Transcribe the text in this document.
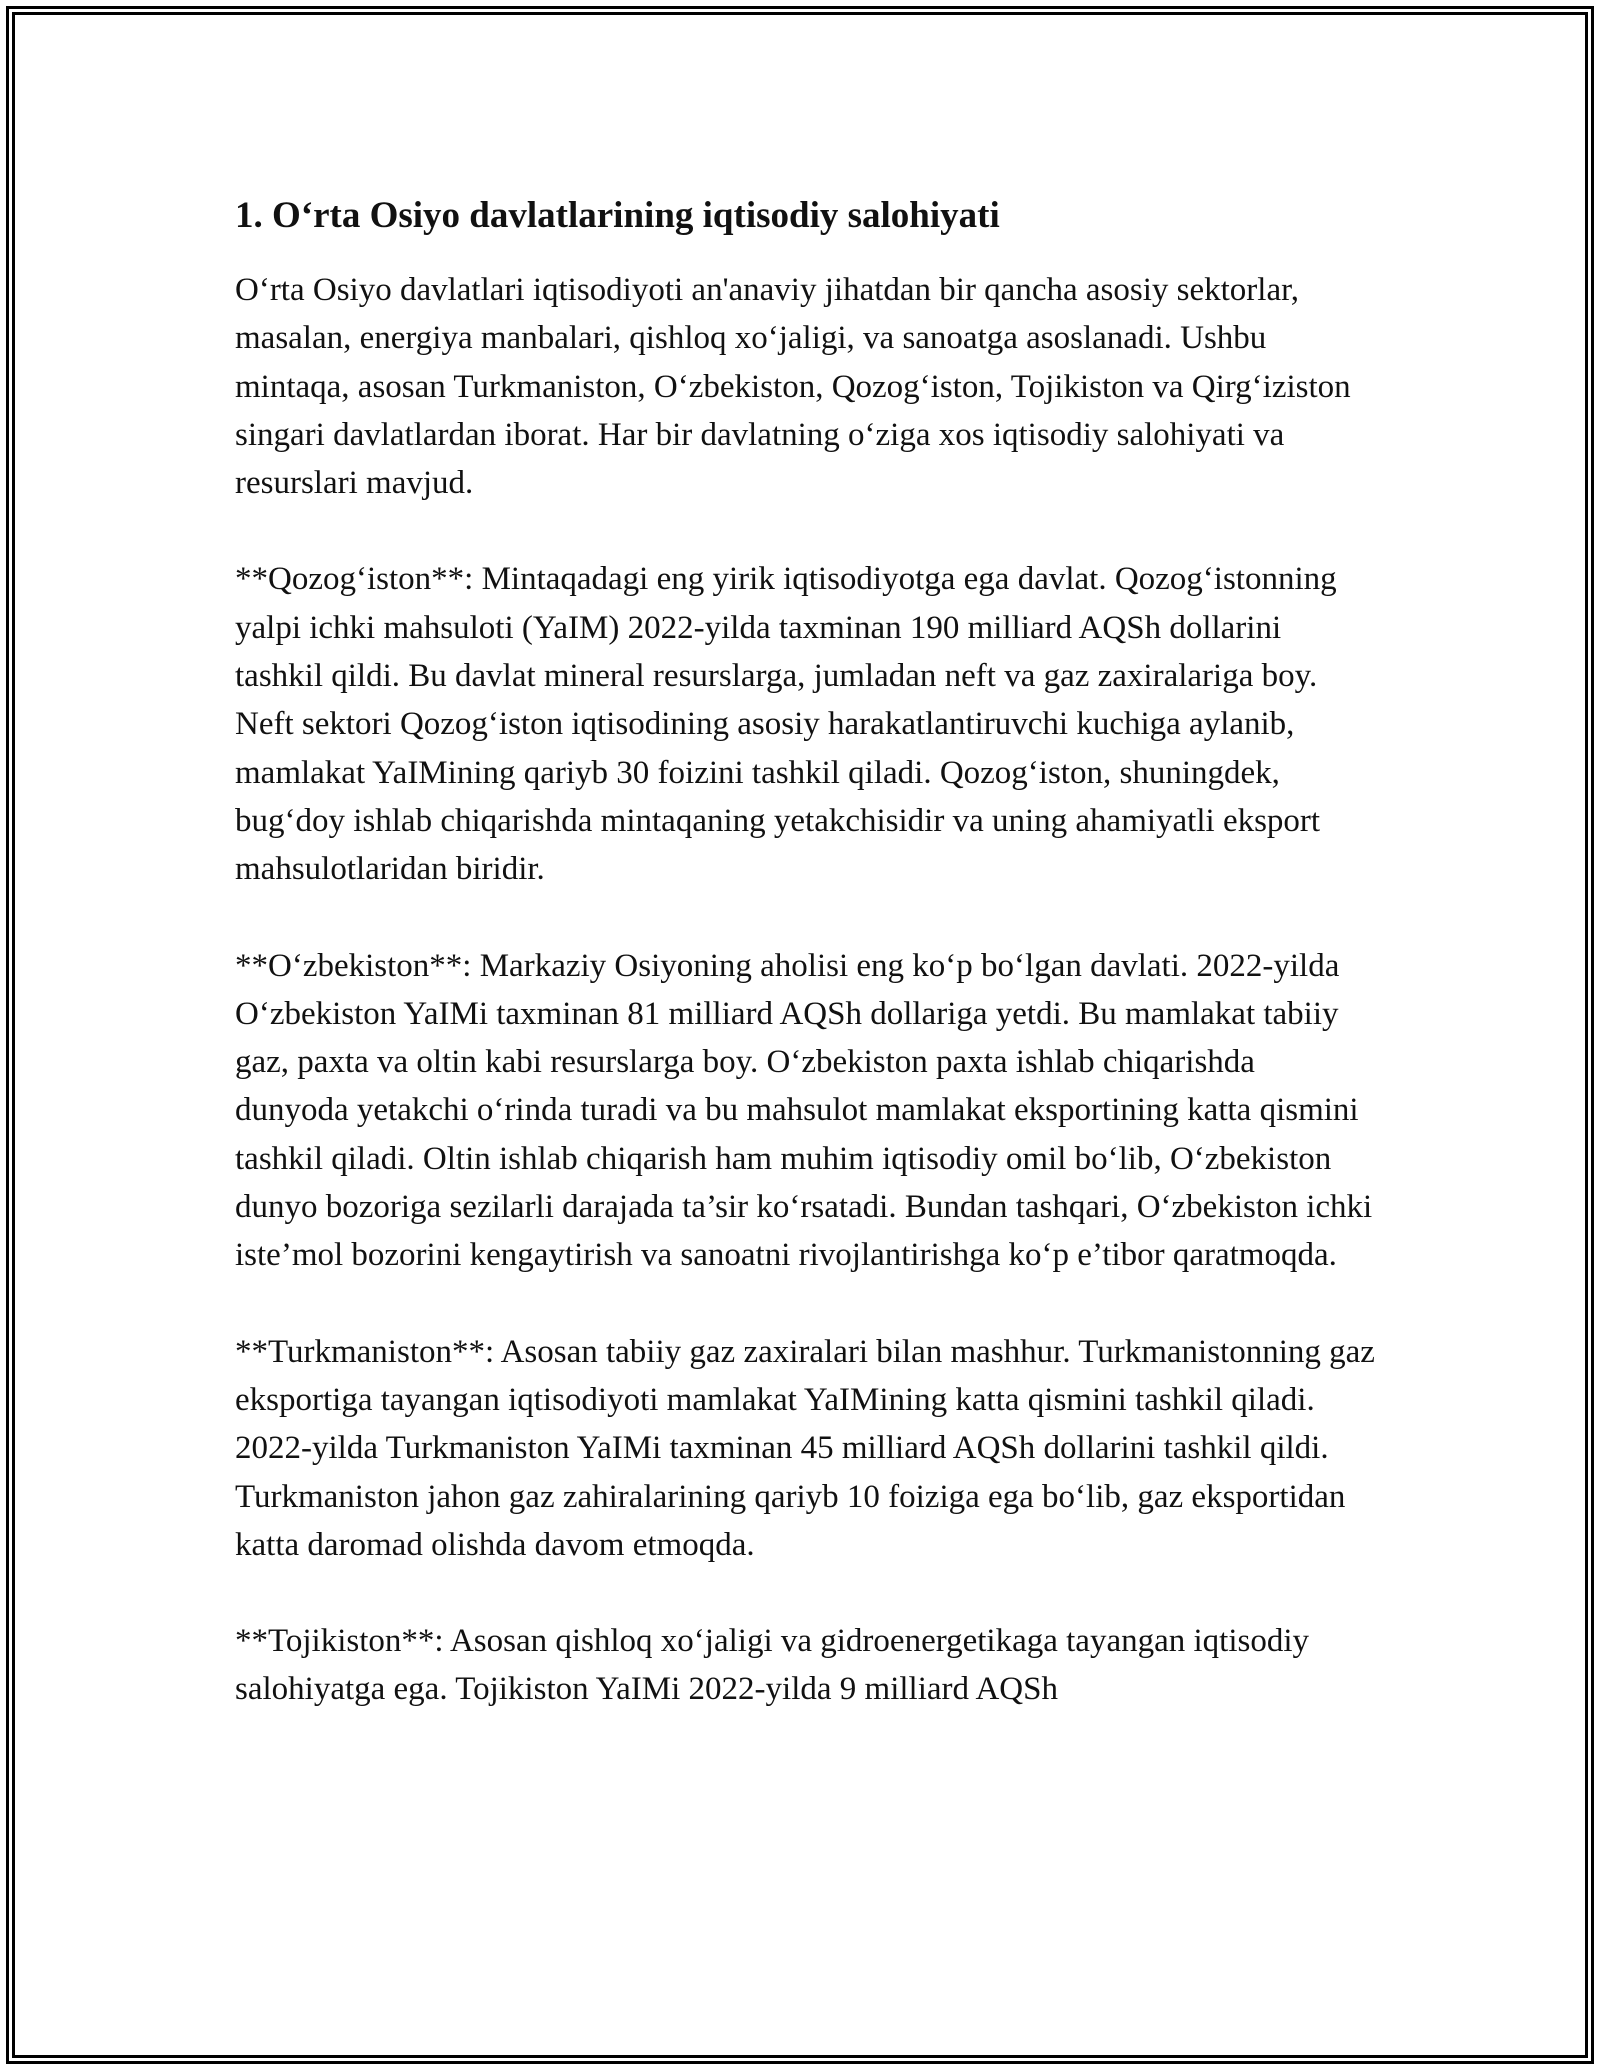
1. O‘rta Osiyo davlatlarining iqtisodiy salohiyati

O‘rta Osiyo davlatlari iqtisodiyoti an'anaviy jihatdan bir qancha asosiy sektorlar, masalan, energiya manbalari, qishloq xo‘jaligi, va sanoatga asoslanadi. Ushbu mintaqa, asosan Turkmaniston, O‘zbekiston, Qozog‘iston, Tojikiston va Qirg‘iziston singari davlatlardan iborat. Har bir davlatning o‘ziga xos iqtisodiy salohiyati va resurslari mavjud.

**Qozog‘iston**: Mintaqadagi eng yirik iqtisodiyotga ega davlat. Qozog‘istonning yalpi ichki mahsuloti (YaIM) 2022-yilda taxminan 190 milliard AQSh dollarini tashkil qildi. Bu davlat mineral resurslarga, jumladan neft va gaz zaxiralariga boy. Neft sektori Qozog‘iston iqtisodining asosiy harakatlantiruvchi kuchiga aylanib, mamlakat YaIMining qariyb 30 foizini tashkil qiladi. Qozog‘iston, shuningdek, bug‘doy ishlab chiqarishda mintaqaning yetakchisidir va uning ahamiyatli eksport mahsulotlaridan biridir.

**O‘zbekiston**: Markaziy Osiyoning aholisi eng ko‘p bo‘lgan davlati. 2022-yilda O‘zbekiston YaIMi taxminan 81 milliard AQSh dollariga yetdi. Bu mamlakat tabiiy gaz, paxta va oltin kabi resurslarga boy. O‘zbekiston paxta ishlab chiqarishda dunyoda yetakchi o‘rinda turadi va bu mahsulot mamlakat eksportining katta qismini tashkil qiladi. Oltin ishlab chiqarish ham muhim iqtisodiy omil bo‘lib, O‘zbekiston dunyo bozoriga sezilarli darajada ta’sir ko‘rsatadi. Bundan tashqari, O‘zbekiston ichki iste’mol bozorini kengaytirish va sanoatni rivojlantirishga ko‘p e’tibor qaratmoqda.

**Turkmaniston**: Asosan tabiiy gaz zaxiralari bilan mashhur. Turkmanistonning gaz eksportiga tayangan iqtisodiyoti mamlakat YaIMining katta qismini tashkil qiladi. 2022-yilda Turkmaniston YaIMi taxminan 45 milliard AQSh dollarini tashkil qildi. Turkmaniston jahon gaz zahiralarining qariyb 10 foiziga ega bo‘lib, gaz eksportidan katta daromad olishda davom etmoqda.

**Tojikiston**: Asosan qishloq xo‘jaligi va gidroenergetikaga tayangan iqtisodiy salohiyatga ega. Tojikiston YaIMi 2022-yilda 9 milliard AQSh
